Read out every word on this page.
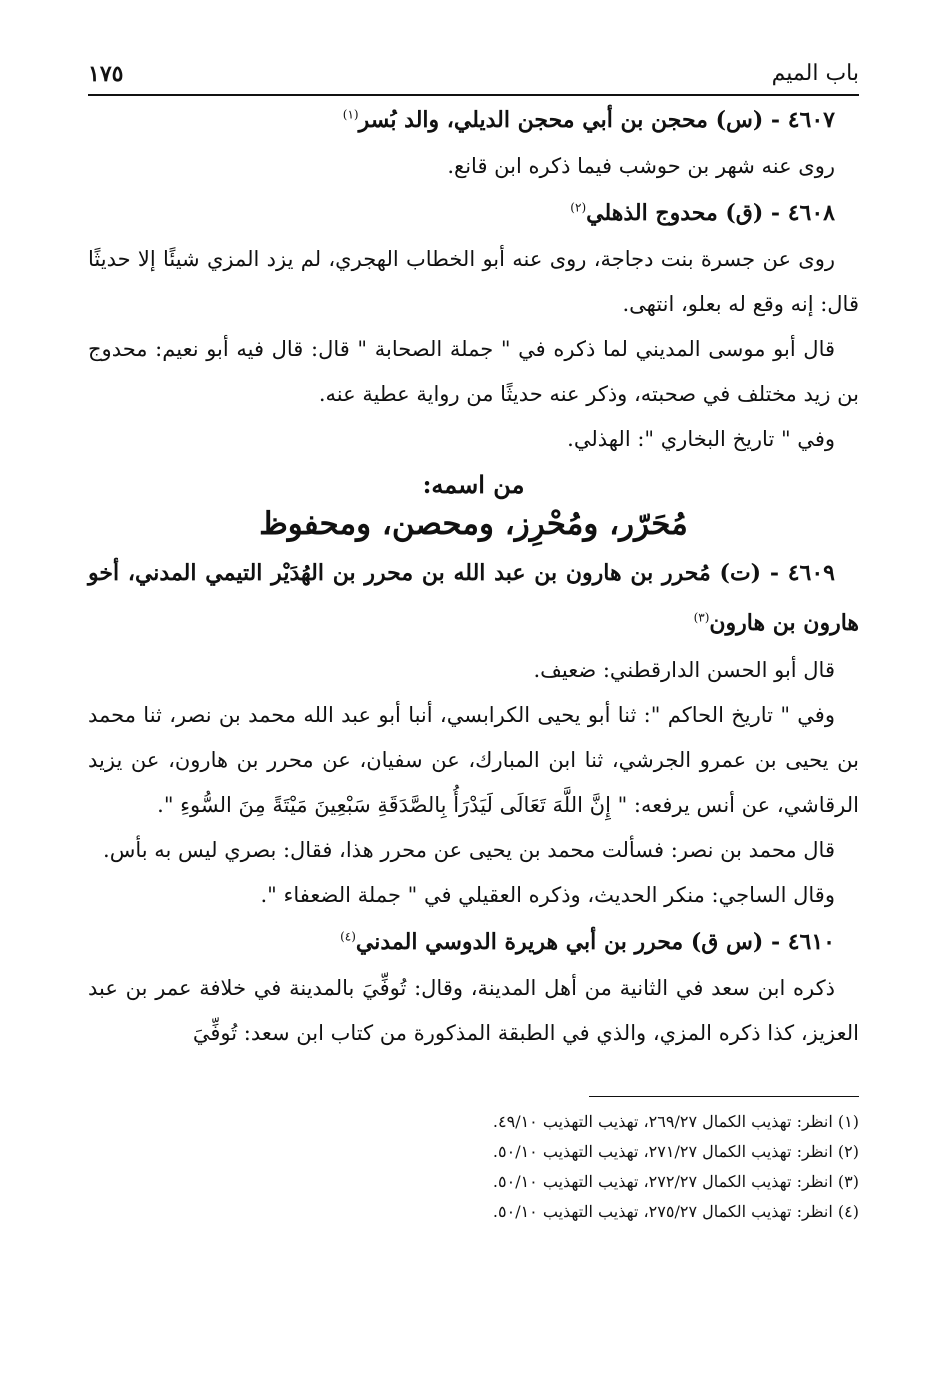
باب الميم
١٧٥

٤٦٠٧ - (س) محجن بن أبي محجن الديلي، والد بُسر$^{(١)}$

روى عنه شهر بن حوشب فيما ذكره ابن قانع.

٤٦٠٨ - (ق) محدوج الذهلي$^{(٢)}$

روى عن جسرة بنت دجاجة، روى عنه أبو الخطاب الهجري، لم يزد المزي شيئًا إلا حديثًا قال: إنه وقع له بعلو، انتهى.

قال أبو موسى المديني لما ذكره في " جملة الصحابة " قال: قال فيه أبو نعيم: محدوج بن زيد مختلف في صحبته، وذكر عنه حديثًا من رواية عطية عنه.

وفي " تاريخ البخاري ": الهذلي.

من اسمه:
مُحَرّر، ومُحْرِز، ومحصن، ومحفوظ

٤٦٠٩ - (ت) مُحرر بن هارون بن عبد الله بن محرر بن الهُدَيْر التيمي المدني، أخو هارون بن هارون$^{(٣)}$

قال أبو الحسن الدارقطني: ضعيف.

وفي " تاريخ الحاكم ": ثنا أبو يحيى الكرابسي، أنبا أبو عبد الله محمد بن نصر، ثنا محمد بن يحيى بن عمرو الجرشي، ثنا ابن المبارك، عن سفيان، عن محرر بن هارون، عن يزيد الرقاشي، عن أنس يرفعه: " إِنَّ اللَّهَ تَعَالَى لَيَدْرَأُ بِالصَّدَقَةِ سَبْعِينَ مَيْتَةً مِنَ السُّوءِ ".

قال محمد بن نصر: فسألت محمد بن يحيى عن محرر هذا، فقال: بصري ليس به بأس.

وقال الساجي: منكر الحديث، وذكره العقيلي في " جملة الضعفاء ".

٤٦١٠ - (س ق) محرر بن أبي هريرة الدوسي المدني$^{(٤)}$

ذكره ابن سعد في الثانية من أهل المدينة، وقال: تُوفِّيَ بالمدينة في خلافة عمر بن عبد العزيز، كذا ذكره المزي، والذي في الطبقة المذكورة من كتاب ابن سعد: تُوفِّيَ

(١) انظر: تهذيب الكمال ٢٦٩/٢٧، تهذيب التهذيب ٤٩/١٠.

(٢) انظر: تهذيب الكمال ٢٧١/٢٧، تهذيب التهذيب ٥٠/١٠.

(٣) انظر: تهذيب الكمال ٢٧٢/٢٧، تهذيب التهذيب ٥٠/١٠.

(٤) انظر: تهذيب الكمال ٢٧٥/٢٧، تهذيب التهذيب ٥٠/١٠.
